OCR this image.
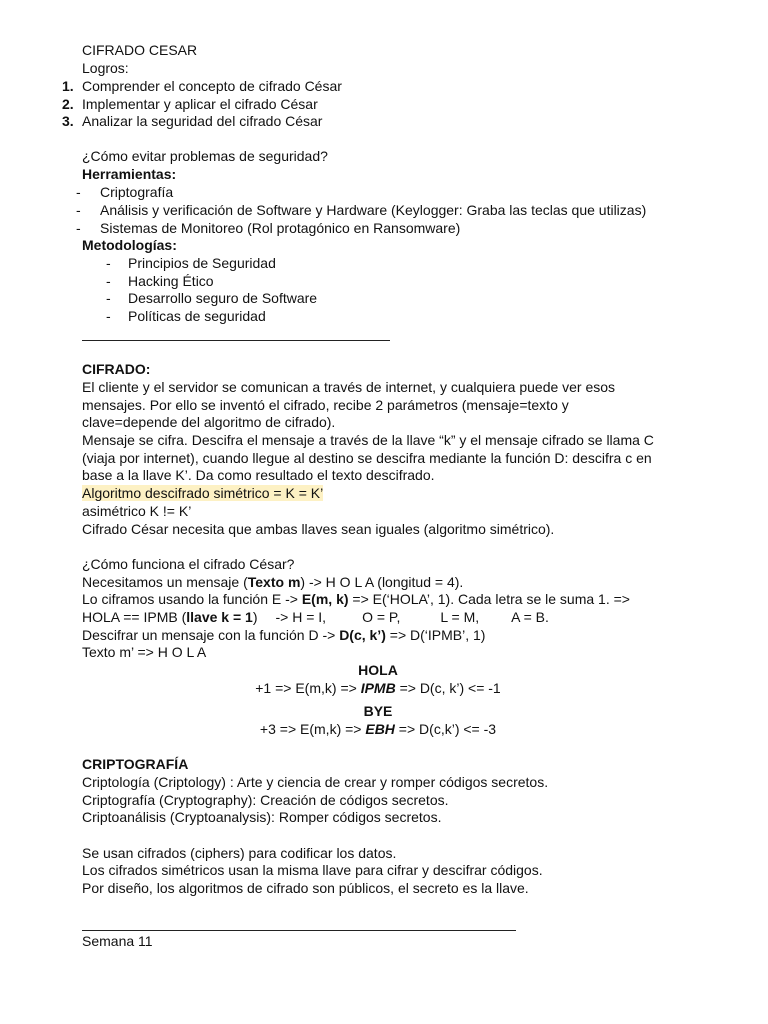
CIFRADO CESAR
Logros:
1. Comprender el concepto de cifrado César
2. Implementar y aplicar el cifrado César
3. Analizar la seguridad del cifrado César
¿Cómo evitar problemas de seguridad?
Herramientas:
- Criptografía
- Análisis y verificación de Software y Hardware (Keylogger: Graba las teclas que utilizas)
- Sistemas de Monitoreo (Rol protagónico en Ransomware)
Metodologías:
- Principios de Seguridad
- Hacking Ético
- Desarrollo seguro de Software
- Políticas de seguridad
CIFRADO:
El cliente y el servidor se comunican a través de internet, y cualquiera puede ver esos
mensajes. Por ello se inventó el cifrado, recibe 2 parámetros (mensaje=texto y
clave=depende del algoritmo de cifrado).
Mensaje se cifra. Descifra el mensaje a través de la llave “k” y el mensaje cifrado se llama C
(viaja por internet), cuando llegue al destino se descifra mediante la función D: descifra c en
base a la llave K’. Da como resultado el texto descifrado.
Algoritmo descifrado simétrico = K = K’
asimétrico K != K’
Cifrado César necesita que ambas llaves sean iguales (algoritmo simétrico).
¿Cómo funciona el cifrado César?
Necesitamos un mensaje (Texto m) -> H O L A (longitud = 4).
Lo ciframos usando la función E -> E(m, k) => E(‘HOLA’, 1). Cada letra se le suma 1. =>
HOLA == IPMB (llave k = 1) -> H = I,	O = P,	L = M, A = B.
Descifrar un mensaje con la función D -> D(c, k’) => D(‘IPMB’, 1)
Texto m’ => H O L A
HOLA
+1 => E(m,k) => IPMB => D(c, k’) <= -1
BYE
+3 => E(m,k) => EBH => D(c,k’) <= -3
CRIPTOGRAFÍA
Criptología (Criptology) : Arte y ciencia de crear y romper códigos secretos.
Criptografía (Cryptography): Creación de códigos secretos.
Criptoanálisis (Cryptoanalysis): Romper códigos secretos.
Se usan cifrados (ciphers) para codificar los datos.
Los cifrados simétricos usan la misma llave para cifrar y descifrar códigos.
Por diseño, los algoritmos de cifrado son públicos, el secreto es la llave.
Semana 11
